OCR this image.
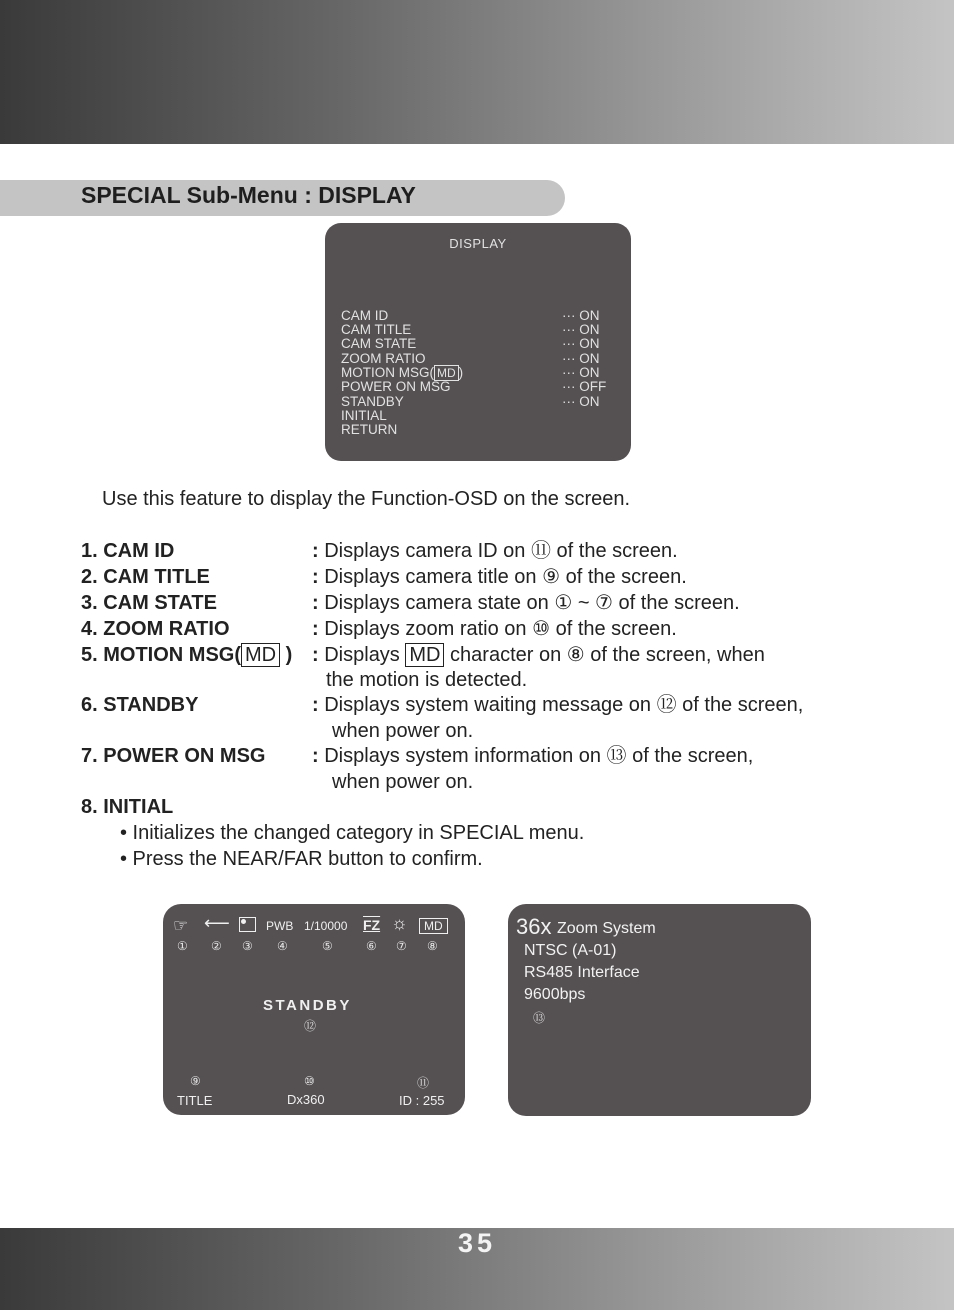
35
SPECIAL Sub-Menu : DISPLAY
DISPLAY
CAM ID	··· ON
CAM TITLE	··· ON
CAM STATE	··· ON
ZOOM RATIO	··· ON
MOTION MSG( MD )	··· ON
POWER ON MSG	··· OFF
STANDBY	··· ON
INITIAL
RETURN
Use this feature to display the Function-OSD on the screen.
1. CAM ID	: Displays camera ID on ⑪ of the screen.
2. CAM TITLE	: Displays camera title on ⑨ of the screen.
3. CAM STATE	: Displays camera state on ① ~ ⑦ of the screen.
4. ZOOM RATIO	: Displays zoom ratio on ⑩ of the screen.
5. MOTION MSG( MD ) : Displays MD character on ⑧ of the screen, when
the motion is detected.
6. STANDBY	: Displays system waiting message on ⑫ of the screen,
when power on.
7. POWER ON MSG	: Displays system information on ⑬ of the screen,
when power on.
8. INITIAL
• Initializes the changed category in SPECIAL menu.
• Press the NEAR/FAR button to confirm.
☞ ⟵	PWB 1/10000 FZ ☼	MD
① ② ③ ④	⑤	⑥ ⑦ ⑧
STANDBY
⑫
⑨
TITLE
⑩
Dx360
⑪
ID : 255
36x Zoom System
NTSC (A-01)
RS485 Interface
9600bps
⑬
